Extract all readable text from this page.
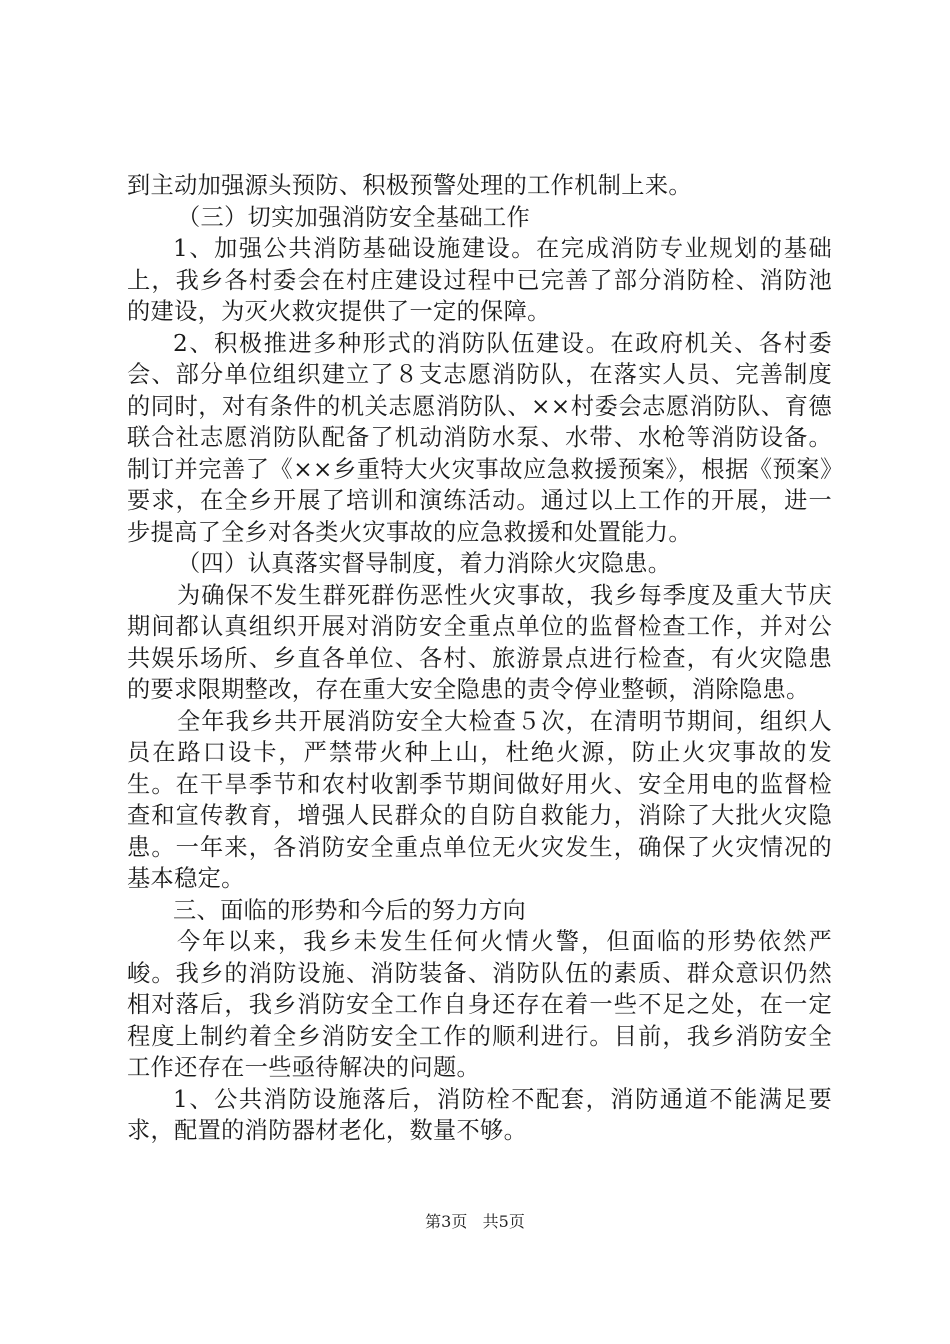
到主动加强源头预防、积极预警处理的工作机制上来。

（三）切实加强消防安全基础工作

1、加强公共消防基础设施建设。在完成消防专业规划的基础上，我乡各村委会在村庄建设过程中已完善了部分消防栓、消防池的建设，为灭火救灾提供了一定的保障。

2、积极推进多种形式的消防队伍建设。在政府机关、各村委会、部分单位组织建立了８支志愿消防队，在落实人员、完善制度的同时，对有条件的机关志愿消防队、××村委会志愿消防队、育德联合社志愿消防队配备了机动消防水泵、水带、水枪等消防设备。制订并完善了《××乡重特大火灾事故应急救援预案》，根据《预案》要求，在全乡开展了培训和演练活动。通过以上工作的开展，进一步提高了全乡对各类火灾事故的应急救援和处置能力。

（四）认真落实督导制度，着力消除火灾隐患。

为确保不发生群死群伤恶性火灾事故，我乡每季度及重大节庆期间都认真组织开展对消防安全重点单位的监督检查工作，并对公共娱乐场所、乡直各单位、各村、旅游景点进行检查，有火灾隐患的要求限期整改，存在重大安全隐患的责令停业整顿，消除隐患。

全年我乡共开展消防安全大检查５次，在清明节期间，组织人员在路口设卡，严禁带火种上山，杜绝火源，防止火灾事故的发生。在干旱季节和农村收割季节期间做好用火、安全用电的监督检查和宣传教育，增强人民群众的自防自救能力，消除了大批火灾隐患。一年来，各消防安全重点单位无火灾发生，确保了火灾情况的基本稳定。

三、面临的形势和今后的努力方向

今年以来，我乡未发生任何火情火警，但面临的形势依然严峻。我乡的消防设施、消防装备、消防队伍的素质、群众意识仍然相对落后，我乡消防安全工作自身还存在着一些不足之处，在一定程度上制约着全乡消防安全工作的顺利进行。目前，我乡消防安全工作还存在一些亟待解决的问题。

1、公共消防设施落后，消防栓不配套，消防通道不能满足要求，配置的消防器材老化，数量不够。

第3页 共5页
